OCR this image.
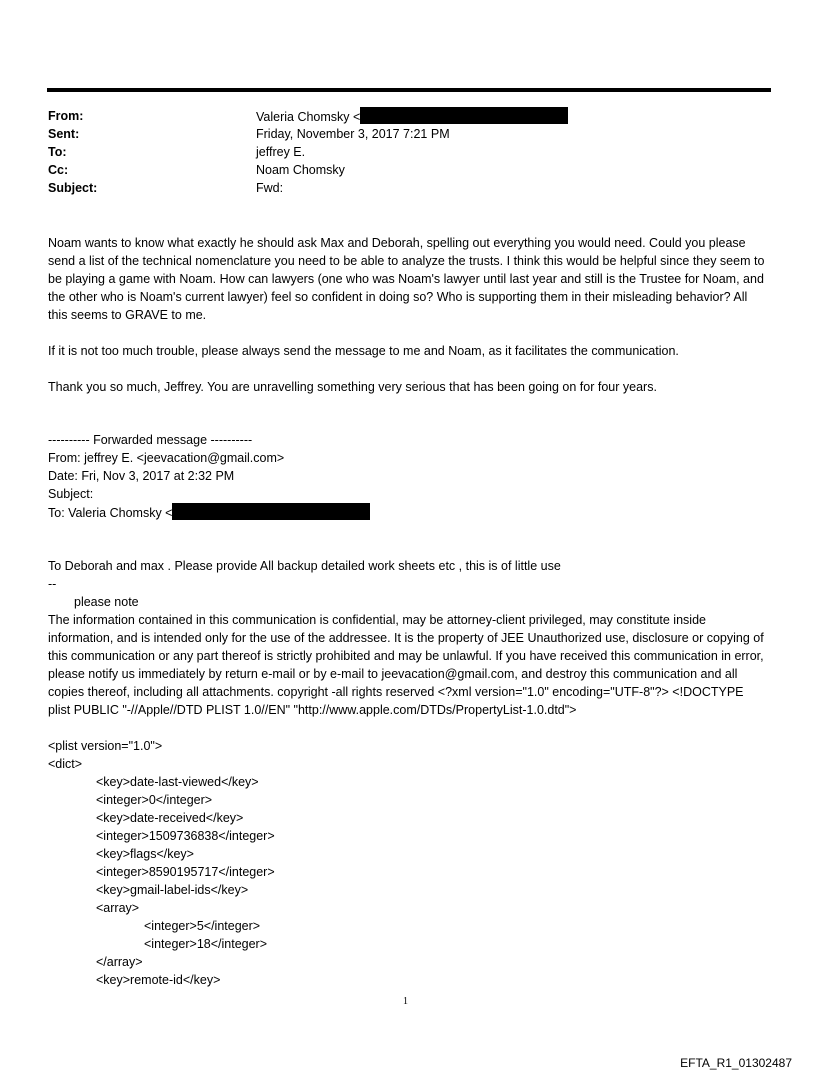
From:
Sent:
To:
Cc:
Subject:
Valeria Chomsky <
Friday, November 3, 2017 7:21 PM
jeffrey E.
Noam Chomsky
Fwd:
Noam wants to know what exactly he should ask Max and Deborah, spelling out everything you would need. Could you please send a list of the technical nomenclature you need to be able to analyze the trusts. I think this would be helpful since they seem to be playing a game with Noam. How can lawyers (one who was Noam's lawyer until last year and still is the Trustee for Noam, and the other who is Noam's current lawyer) feel so confident in doing so? Who is supporting them in their misleading behavior? All this seems to GRAVE to me.
If it is not too much trouble, please always send the message to me and Noam, as it facilitates the communication.
Thank you so much, Jeffrey. You are unravelling something very serious that has been going on for four years.
---------- Forwarded message ----------
From: jeffrey E. <jeevacation@gmail.com>
Date: Fri, Nov 3, 2017 at 2:32 PM
Subject:
To: Valeria Chomsky <
To Deborah and max . Please provide All backup detailed work sheets etc , this is of little use
--
please note
The information contained in this communication is confidential, may be attorney-client privileged, may constitute inside information, and is intended only for the use of the addressee. It is the property of JEE Unauthorized use, disclosure or copying of this communication or any part thereof is strictly prohibited and may be unlawful. If you have received this communication in error, please notify us immediately by return e-mail or by e-mail to jeevacation@gmail.com, and destroy this communication and all copies thereof, including all attachments. copyright -all rights reserved <?xml version="1.0" encoding="UTF-8"?> <!DOCTYPE plist PUBLIC "-//Apple//DTD PLIST 1.0//EN" "http://www.apple.com/DTDs/PropertyList-1.0.dtd">
<plist version="1.0">
<dict>
<key>date-last-viewed</key>
<integer>0</integer>
<key>date-received</key>
<integer>1509736838</integer>
<key>flags</key>
<integer>8590195717</integer>
<key>gmail-label-ids</key>
<array>
<integer>5</integer>
<integer>18</integer>
</array>
<key>remote-id</key>
1
EFTA_R1_01302487
